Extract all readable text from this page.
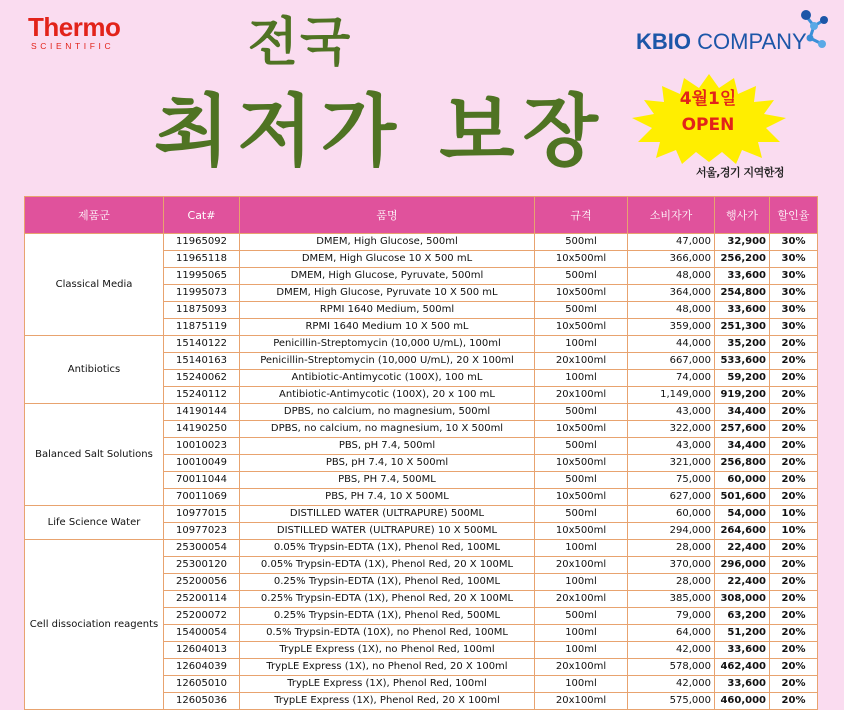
Thermo
SCIENTIFIC	전국
최저가 보장
KBIO COMPANY
4월1일
OPEN
서울,경기 지역한정
제품군	Cat#	품명	규격	소비자가	행사가	할인율
Classical Media	11965092	DMEM, High Glucose, 500ml	500ml	47,000	32,900	30%
	11965118	DMEM, High Glucose 10 X 500 mL	10x500ml	366,000	256,200	30%
	11995065	DMEM, High Glucose, Pyruvate, 500ml	500ml	48,000	33,600	30%
	11995073	DMEM, High Glucose, Pyruvate 10 X 500 mL	10x500ml	364,000	254,800	30%
	11875093	RPMI 1640 Medium, 500ml	500ml	48,000	33,600	30%
	11875119	RPMI 1640 Medium 10 X 500 mL	10x500ml	359,000	251,300	30%
Antibiotics	15140122	Penicillin-Streptomycin (10,000 U/mL), 100ml	100ml	44,000	35,200	20%
	15140163	Penicillin-Streptomycin (10,000 U/mL), 20 X 100ml	20x100ml	667,000	533,600	20%
	15240062	Antibiotic-Antimycotic (100X), 100 mL	100ml	74,000	59,200	20%
	15240112	Antibiotic-Antimycotic (100X), 20 x 100 mL	20x100ml	1,149,000	919,200	20%
Balanced Salt Solutions	14190144	DPBS, no calcium, no magnesium, 500ml	500ml	43,000	34,400	20%
	14190250	DPBS, no calcium, no magnesium, 10 X 500ml	10x500ml	322,000	257,600	20%
	10010023	PBS, pH 7.4, 500ml	500ml	43,000	34,400	20%
	10010049	PBS, pH 7.4, 10 X 500ml	10x500ml	321,000	256,800	20%
	70011044	PBS, PH 7.4, 500ML	500ml	75,000	60,000	20%
	70011069	PBS, PH 7.4, 10 X 500ML	10x500ml	627,000	501,600	20%
Life Science Water	10977015	DISTILLED WATER (ULTRAPURE) 500ML	500ml	60,000	54,000	10%
	10977023	DISTILLED WATER (ULTRAPURE) 10 X 500ML	10x500ml	294,000	264,600	10%
Cell dissociation reagents	25300054	0.05% Trypsin-EDTA (1X), Phenol Red, 100ML	100ml	28,000	22,400	20%
	25300120	0.05% Trypsin-EDTA (1X), Phenol Red, 20 X 100ML	20x100ml	370,000	296,000	20%
	25200056	0.25% Trypsin-EDTA (1X), Phenol Red, 100ML	100ml	28,000	22,400	20%
	25200114	0.25% Trypsin-EDTA (1X), Phenol Red, 20 X 100ML	20x100ml	385,000	308,000	20%
	25200072	0.25% Trypsin-EDTA (1X), Phenol Red, 500ML	500ml	79,000	63,200	20%
	15400054	0.5% Trypsin-EDTA (10X), no Phenol Red, 100ML	100ml	64,000	51,200	20%
	12604013	TrypLE Express (1X), no Phenol Red, 100ml	100ml	42,000	33,600	20%
	12604039	TrypLE Express (1X), no Phenol Red, 20 X 100ml	20x100ml	578,000	462,400	20%
	12605010	TrypLE Express (1X), Phenol Red, 100ml	100ml	42,000	33,600	20%
	12605036	TrypLE Express (1X), Phenol Red, 20 X 100ml	20x100ml	575,000	460,000	20%
